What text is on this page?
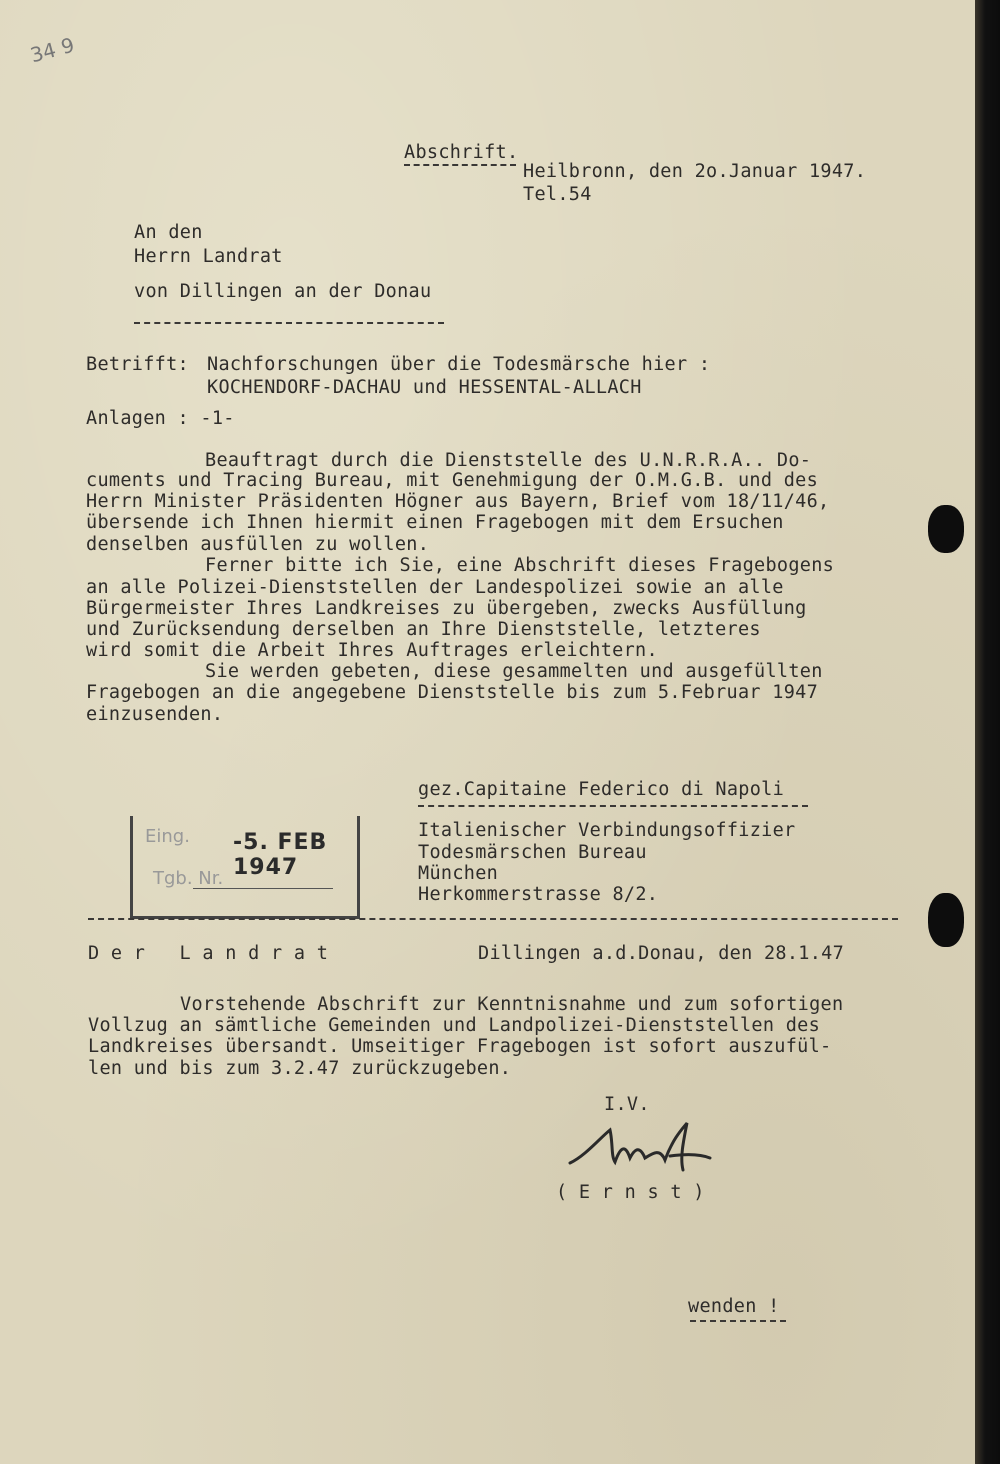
34 9
Abschrift.
Heilbronn, den 2o.Januar 1947.
Tel.54
An den
Herrn Landrat
von Dillingen an der Donau
Betrifft: Nachforschungen über die Todesmärsche hier :
KOCHENDORF-DACHAU und HESSENTAL-ALLACH
Anlagen : -1-
Beauftragt durch die Dienststelle des U.N.R.R.A.. Do-
cuments und Tracing Bureau, mit Genehmigung der O.M.G.B. und des
Herrn Minister Präsidenten Högner aus Bayern, Brief vom 18/11/46,
übersende ich Ihnen hiermit einen Fragebogen mit dem Ersuchen
denselben ausfüllen zu wollen.
Ferner bitte ich Sie, eine Abschrift dieses Fragebogens
an alle Polizei-Dienststellen der Landespolizei sowie an alle
Bürgermeister Ihres Landkreises zu übergeben, zwecks Ausfüllung
und Zurücksendung derselben an Ihre Dienststelle, letzteres
wird somit die Arbeit Ihres Auftrages erleichtern.
Sie werden gebeten, diese gesammelten und ausgefüllten
Fragebogen an die angegebene Dienststelle bis zum 5.Februar 1947
einzusenden.
gez.Capitaine Federico di Napoli
Italienischer Verbindungsoffizier
Todesmärschen Bureau
München
Herkommerstrasse 8/2.
Eing. -5. FEB 1947
Tgb. Nr.
D e r   L a n d r a t	Dillingen a.d.Donau, den 28.1.47
Vorstehende Abschrift zur Kenntnisnahme und zum sofortigen
Vollzug an sämtliche Gemeinden und Landpolizei-Dienststellen des
Landkreises übersandt. Umseitiger Fragebogen ist sofort auszufül-
len und bis zum 3.2.47 zurückzugeben.
I.V.
( E r n s t )
wenden !
